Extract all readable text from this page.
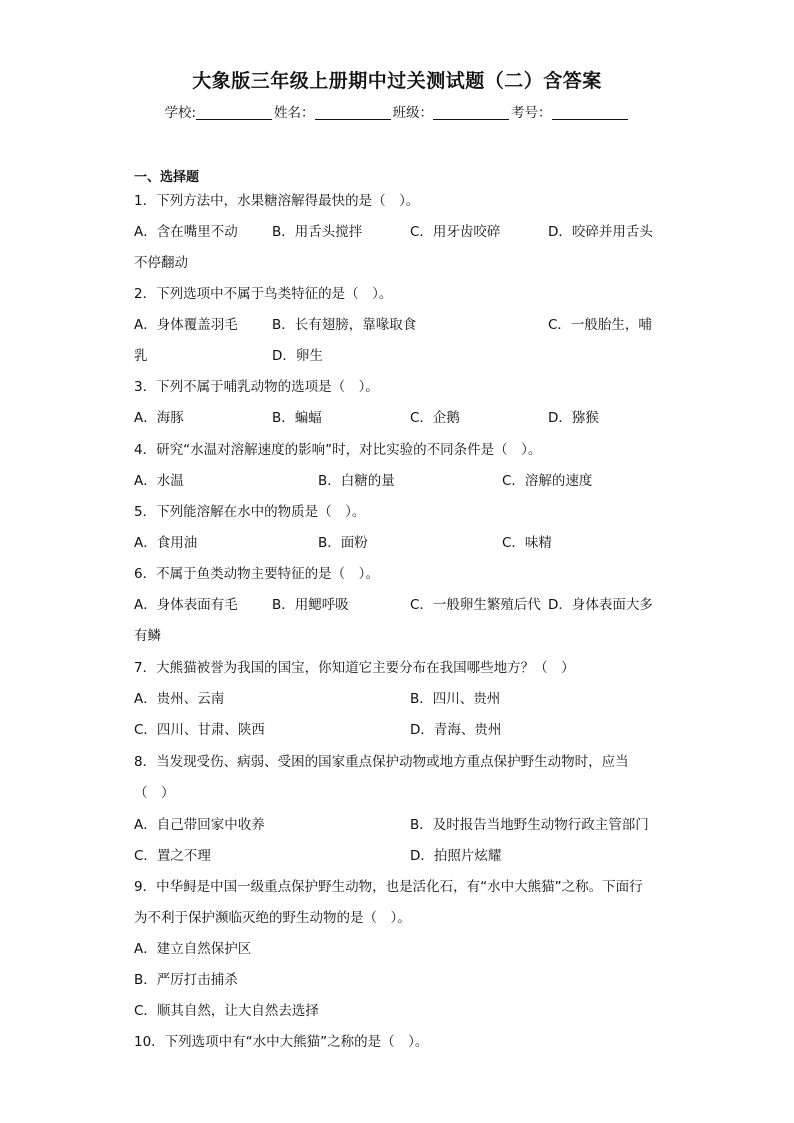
大象版三年级上册期中过关测试题（二）含答案
学校:	姓名：	班级：	考号：
一、选择题
1．下列方法中，水果糖溶解得最快的是（　）。
A．含在嘴里不动	B．用舌头搅拌	C．用牙齿咬碎	D．咬碎并用舌头
不停翻动
2．下列选项中不属于鸟类特征的是（　）。
A．身体覆盖羽毛	B．长有翅膀，靠喙取食	C．一般胎生，哺
乳	D．卵生
3．下列不属于哺乳动物的选项是（　）。
A．海豚	B．蝙蝠	C．企鹅	D．猕猴
4．研究“水温对溶解速度的影响”时，对比实验的不同条件是（　）。
A．水温	B．白糖的量	C．溶解的速度
5．下列能溶解在水中的物质是（　）。
A．食用油	B．面粉	C．味精
6．不属于鱼类动物主要特征的是（　）。
A．身体表面有毛	B．用鳃呼吸	C．一般卵生繁殖后代 D．身体表面大多
有鳞
7．大熊猫被誉为我国的国宝，你知道它主要分布在我国哪些地方？（　）
A．贵州、云南	B．四川、贵州
C．四川、甘肃、陕西	D．青海、贵州
8．当发现受伤、病弱、受困的国家重点保护动物或地方重点保护野生动物时，应当
（　）
A．自己带回家中收养	B．及时报告当地野生动物行政主管部门
C．置之不理	D．拍照片炫耀
9．中华鲟是中国一级重点保护野生动物，也是活化石，有“水中大熊猫”之称。下面行
为不利于保护濒临灭绝的野生动物的是（　）。
A．建立自然保护区
B．严厉打击捕杀
C．顺其自然，让大自然去选择
10．下列选项中有“水中大熊猫”之称的是（　）。
